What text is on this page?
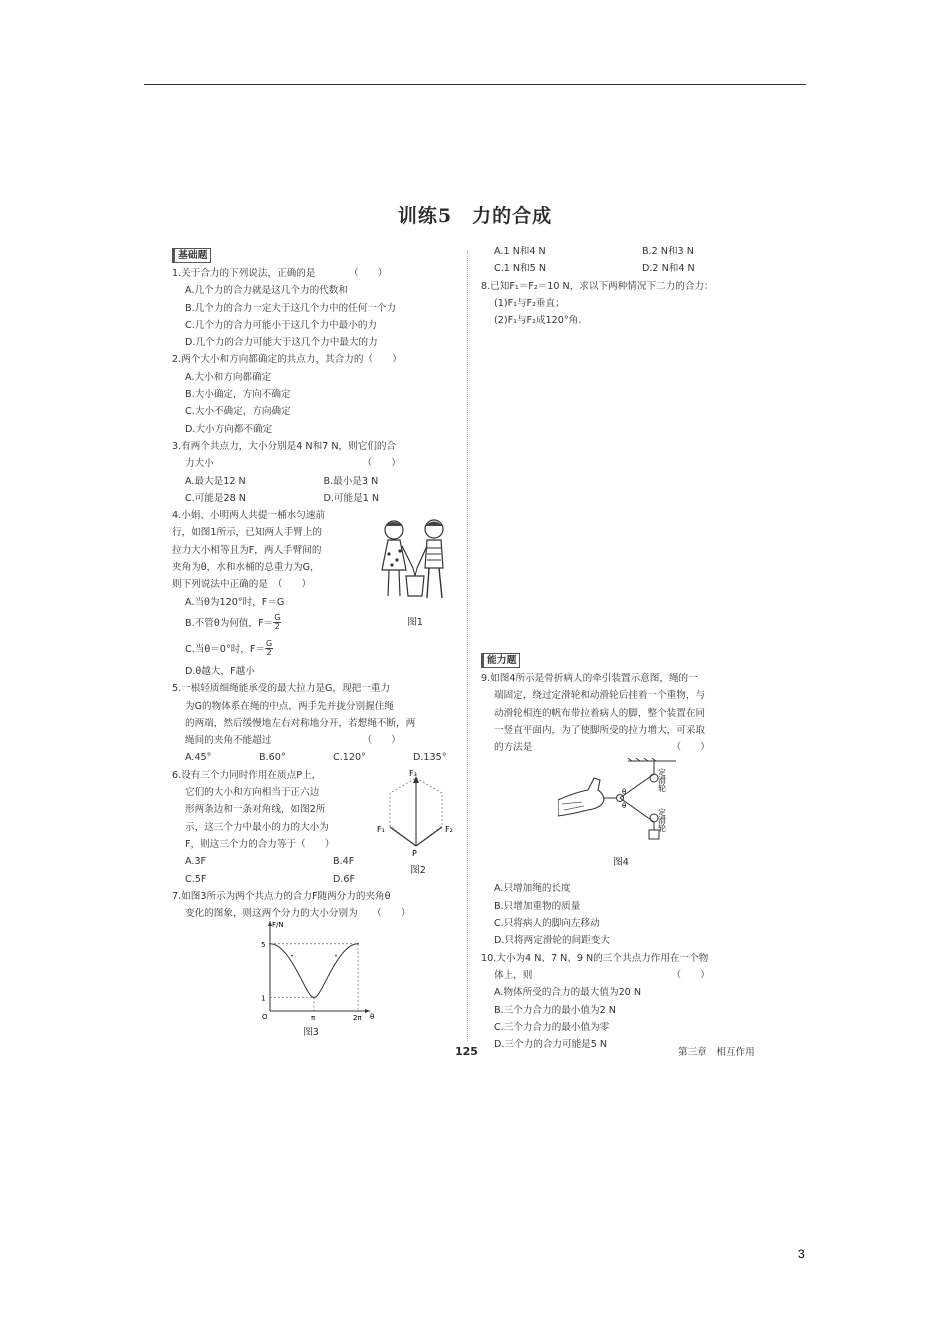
训练5　力的合成
基础题
1.关于合力的下列说法，正确的是　　　　（　　）
A.几个力的合力就是这几个力的代数和
B.几个力的合力一定大于这几个力中的任何一个力
C.几个力的合力可能小于这几个力中最小的力
D.几个力的合力可能大于这几个力中最大的力
2.两个大小和方向都确定的共点力，其合力的（　　）
A.大小和方向都确定
B.大小确定，方向不确定
C.大小不确定，方向确定
D.大小方向都不确定
3.有两个共点力，大小分别是4 N和7 N，则它们的合
力大小　　　　　　　　　　　　　　　　（　　）
A.最大是12 N	B.最小是3 N
C.可能是28 N	D.可能是1 N
4.小娟、小明两人共提一桶水匀速前
行，如图1所示，已知两人手臂上的
拉力大小相等且为F，两人手臂间的
夹角为θ，水和水桶的总重力为G，
则下列说法中正确的是　（　　）
A.当θ为120°时，F＝G
B.不管θ为何值，$F= \frac{G}{2}$
C.当θ＝0°时，$F= \frac{G}{2}$
D.θ越大，F越小
5.一根轻质细绳能承受的最大拉力是G，现把一重力
为G的物体系在绳的中点，两手先并拢分别握住绳
的两端，然后缓慢地左右对称地分开，若想绳不断，两
绳间的夹角不能超过　　　　　　　　　　（　　）
A.45°	B.60°	C.120°	D.135°
6.设有三个力同时作用在质点P上，
它们的大小和方向相当于正六边
形两条边和一条对角线，如图2所
示，这三个力中最小的力的大小为
F，则这三个力的合力等于（　　）
A.3F	B.4F
C.5F	D.6F
7.如图3所示为两个共点力的合力F随两分力的夹角θ
变化的图象，则这两个分力的大小分别为　　（　　）
图1
F₃
F₁	F₂
P
图2
F/N
O	θ
5
1
π	2π
图3
A.1 N和4 N	B.2 N和3 N
C.1 N和5 N	D.2 N和4 N
8.已知F₁＝F₂＝10 N，求以下两种情况下二力的合力：
(1)F₁与F₂垂直；
(2)F₁与F₂成120°角.
能力题
9.如图4所示是骨折病人的牵引装置示意图，绳的一
端固定，绕过定滑轮和动滑轮后挂着一个重物，与
动滑轮相连的帆布带拉着病人的脚，整个装置在同
一竖直平面内，为了使脚所受的拉力增大，可采取
的方法是　　　　　　　　　　　　　　　（　　）
A.只增加绳的长度
B.只增加重物的质量
C.只将病人的脚向左移动
D.只将两定滑轮的间距变大
10.大小为4 N、7 N、9 N的三个共点力作用在一个物
体上，则　　　　　　　　　　　　　　　（　　）
A.物体所受的合力的最大值为20 N
B.三个力合力的最小值为2 N
C.三个力合力的最小值为零
D.三个力的合力可能是5 N
θ
θ
定滑轮
定滑轮
图4
125	第三章　相互作用
3
